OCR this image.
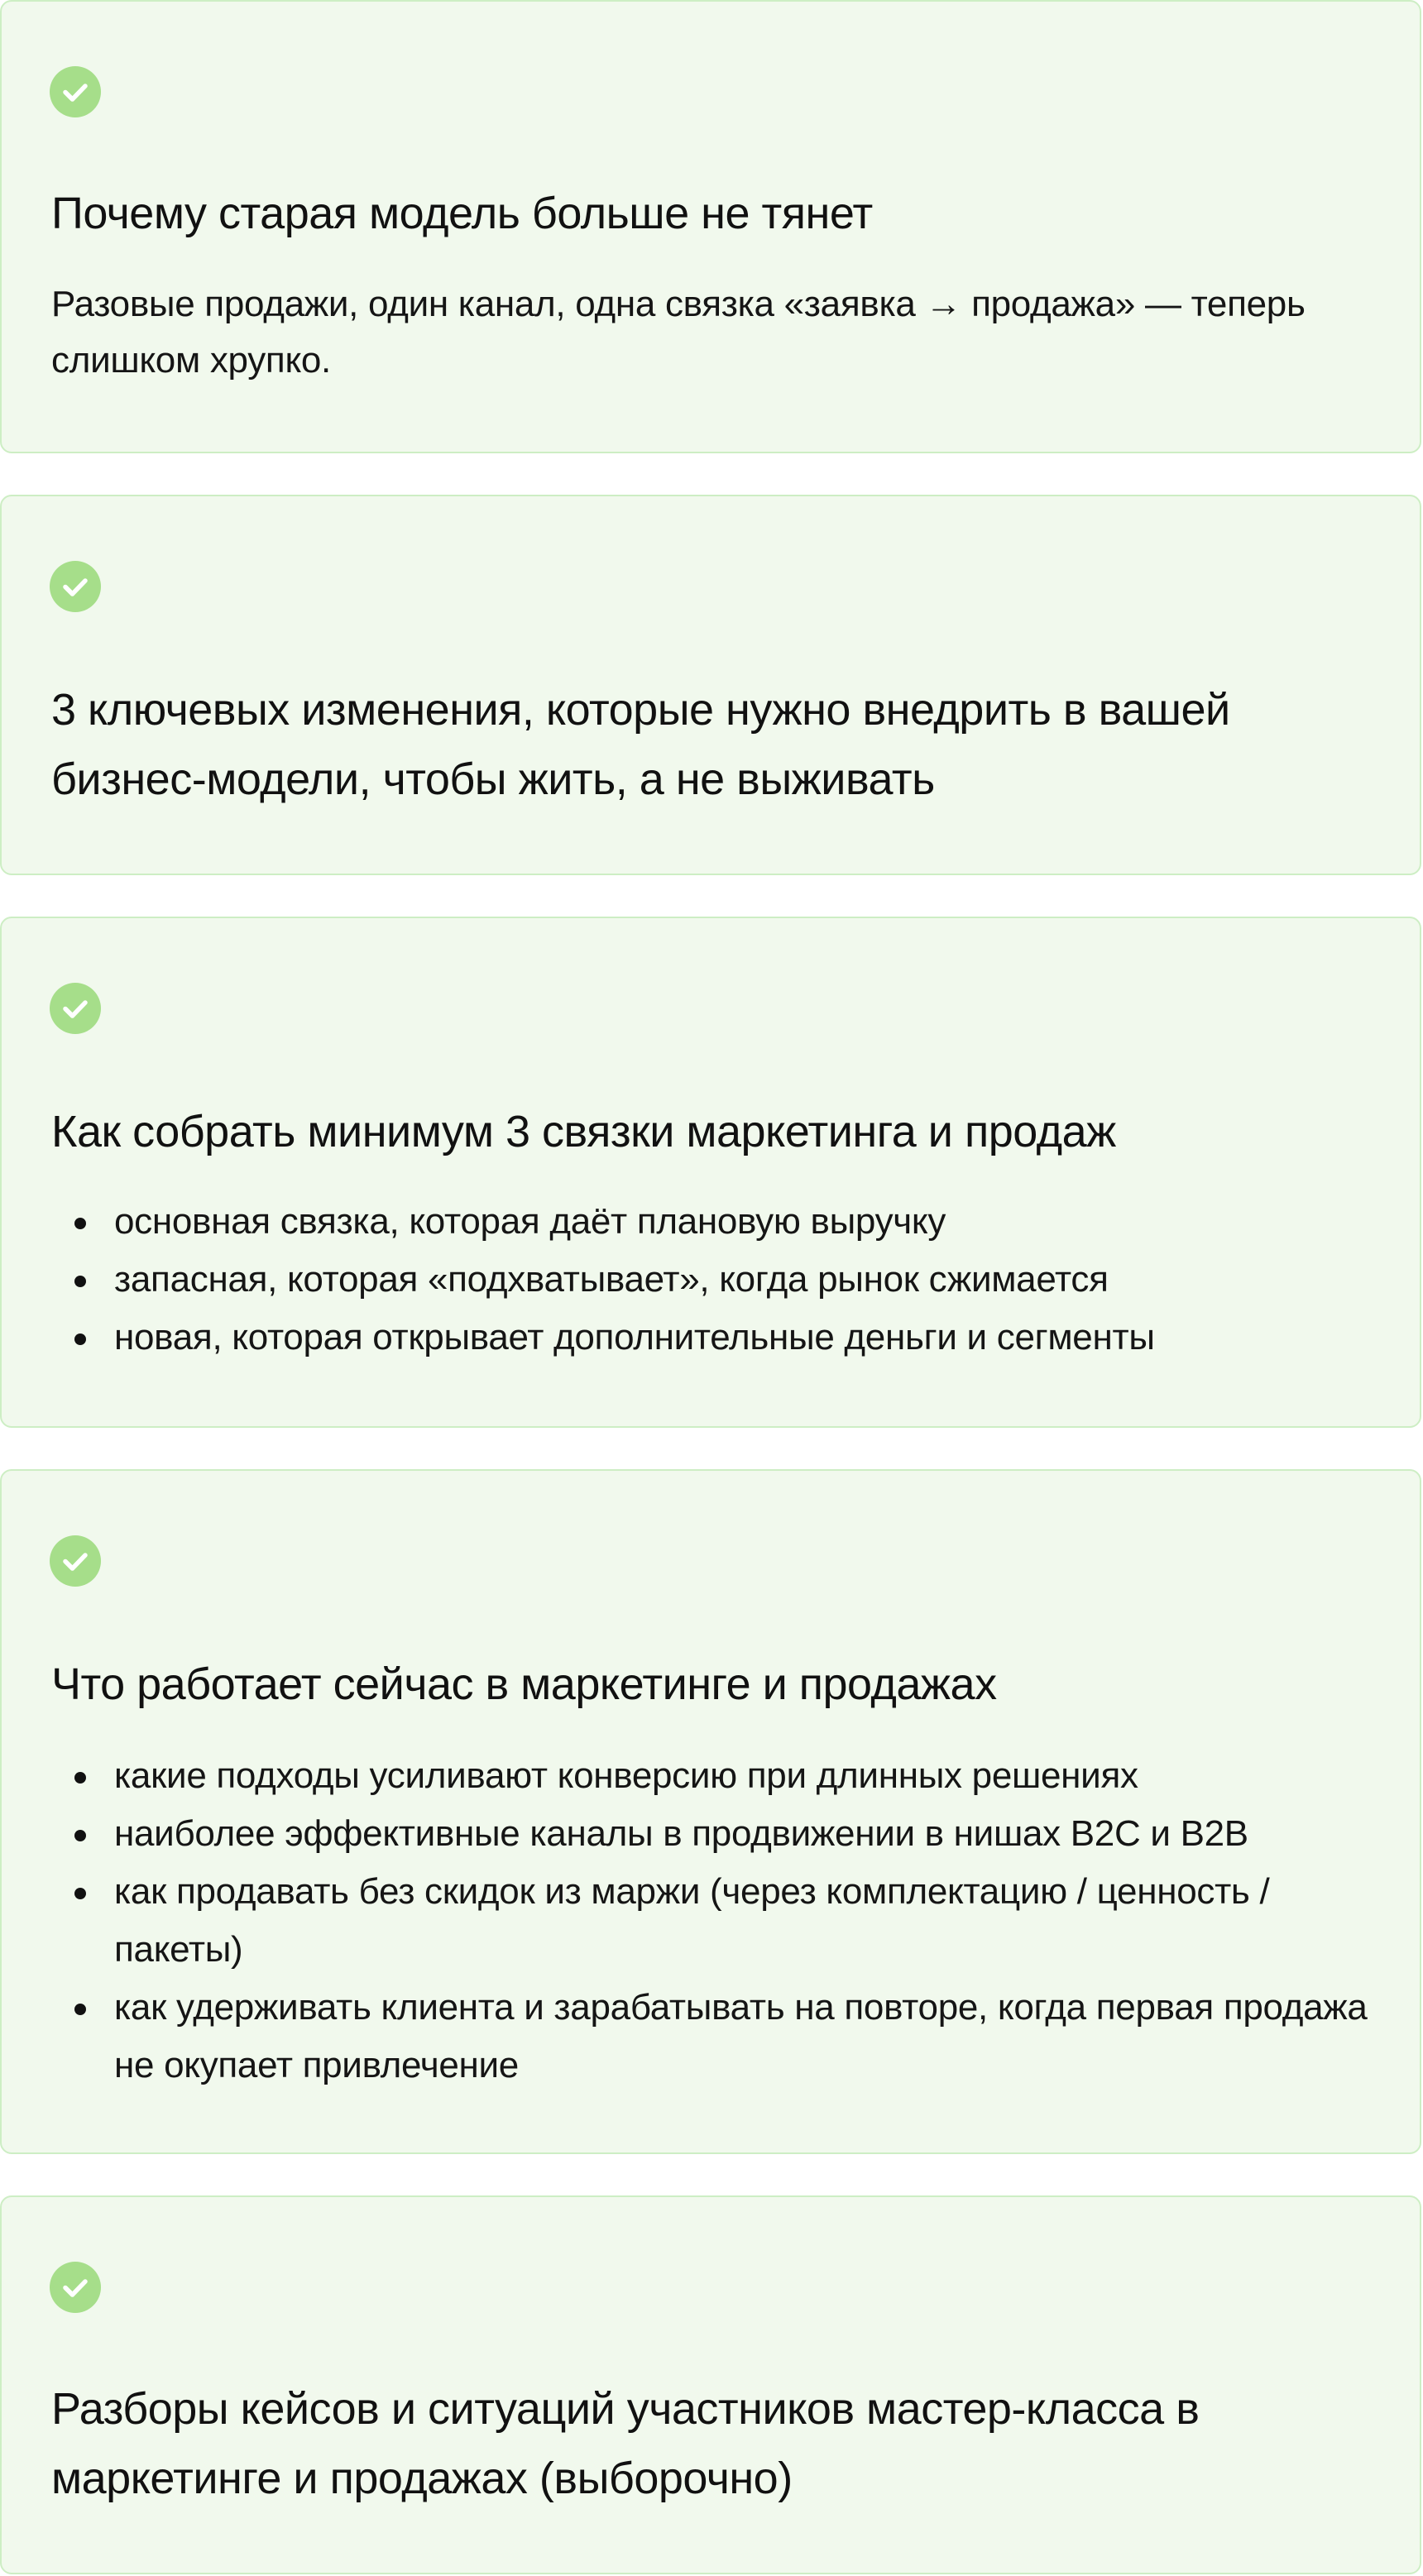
Почему старая модель больше не тянет

Разовые продажи, один канал, одна связка «заявка → продажа» — теперь слишком хрупко.

3 ключевых изменения, которые нужно внедрить в вашей бизнес-модели, чтобы жить, а не выживать
Как собрать минимум 3 связки маркетинга и продаж
основная связка, которая даёт плановую выручку
запасная, которая «подхватывает», когда рынок сжимается
новая, которая открывает дополнительные деньги и сегменты
Что работает сейчас в маркетинге и продажах
какие подходы усиливают конверсию при длинных решениях
наиболее эффективные каналы в продвижении в нишах B2C и B2B
как продавать без скидок из маржи (через комплектацию / ценность / пакеты)
как удерживать клиента и зарабатывать на повторе, когда первая продажа не окупает привлечение
Разборы кейсов и ситуаций участников мастер-класса в маркетинге и продажах (выборочно)
